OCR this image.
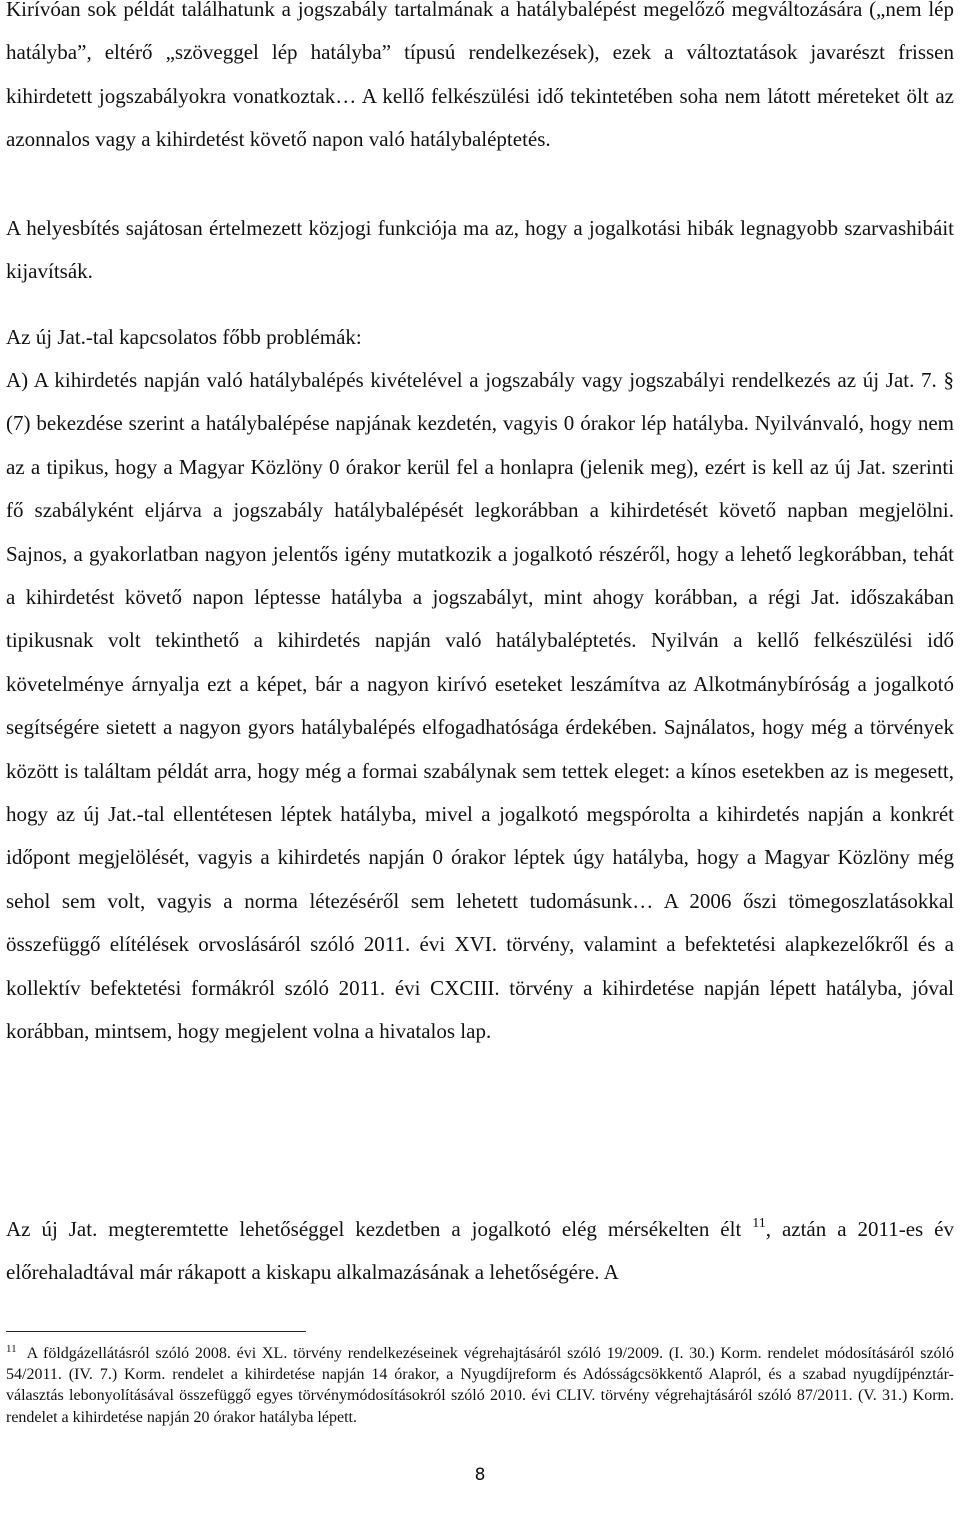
Kirívóan sok példát találhatunk a jogszabály tartalmának a hatálybalépést megelőző megváltozására („nem lép hatályba”, eltérő „szöveggel lép hatályba” típusú rendelkezések), ezek a változtatások javarészt frissen kihirdetett jogszabályokra vonatkoztak… A kellő felkészülési idő tekintetében soha nem látott méreteket ölt az azonnalos vagy a kihirdetést követő napon való hatálybaléptetés.

A helyesbítés sajátosan értelmezett közjogi funkciója ma az, hogy a jogalkotási hibák legnagyobb szarvashibáit kijavítsák.

Az új Jat.-tal kapcsolatos főbb problémák:

A) A kihirdetés napján való hatálybalépés kivételével a jogszabály vagy jogszabályi rendelkezés az új Jat. 7. § (7) bekezdése szerint a hatálybalépése napjának kezdetén, vagyis 0 órakor lép hatályba. Nyilvánvaló, hogy nem az a tipikus, hogy a Magyar Közlöny 0 órakor kerül fel a honlapra (jelenik meg), ezért is kell az új Jat. szerinti fő szabályként eljárva a jogszabály hatálybalépését legkorábban a kihirdetését követő napban megjelölni. Sajnos, a gyakorlatban nagyon jelentős igény mutatkozik a jogalkotó részéről, hogy a lehető legkorábban, tehát a kihirdetést követő napon léptesse hatályba a jogszabályt, mint ahogy korábban, a régi Jat. időszakában tipikusnak volt tekinthető a kihirdetés napján való hatálybaléptetés. Nyilván a kellő felkészülési idő követelménye árnyalja ezt a képet, bár a nagyon kirívó eseteket leszámítva az Alkotmánybíróság a jogalkotó segítségére sietett a nagyon gyors hatálybalépés elfogadhatósága érdekében. Sajnálatos, hogy még a törvények között is találtam példát arra, hogy még a formai szabálynak sem tettek eleget: a kínos esetekben az is megesett, hogy az új Jat.-tal ellentétesen léptek hatályba, mivel a jogalkotó megspórolta a kihirdetés napján a konkrét időpont megjelölését, vagyis a kihirdetés napján 0 órakor léptek úgy hatályba, hogy a Magyar Közlöny még sehol sem volt, vagyis a norma létezéséről sem lehetett tudomásunk… A 2006 őszi tömegoszlatásokkal összefüggő elítélések orvoslásáról szóló 2011. évi XVI. törvény, valamint a befektetési alapkezelőkről és a kollektív befektetési formákról szóló 2011. évi CXCIII. törvény a kihirdetése napján lépett hatályba, jóval korábban, mintsem, hogy megjelent volna a hivatalos lap.

Az új Jat. megteremtette lehetőséggel kezdetben a jogalkotó elég mérsékelten élt $^{11}$, aztán a 2011-es év előrehaladtával már rákapott a kiskapu alkalmazásának a lehetőségére. A

$^{11}$ A földgázellátásról szóló 2008. évi XL. törvény rendelkezéseinek végrehajtásáról szóló 19/2009. (I. 30.) Korm. rendelet módosításáról szóló 54/2011. (IV. 7.) Korm. rendelet a kihirdetése napján 14 órakor, a Nyugdíjreform és Adósságcsökkentő Alapról, és a szabad nyugdíjpénztár-választás lebonyolításával összefüggő egyes törvénymódosításokról szóló 2010. évi CLIV. törvény végrehajtásáról szóló 87/2011. (V. 31.) Korm. rendelet a kihirdetése napján 20 órakor hatályba lépett.

8
